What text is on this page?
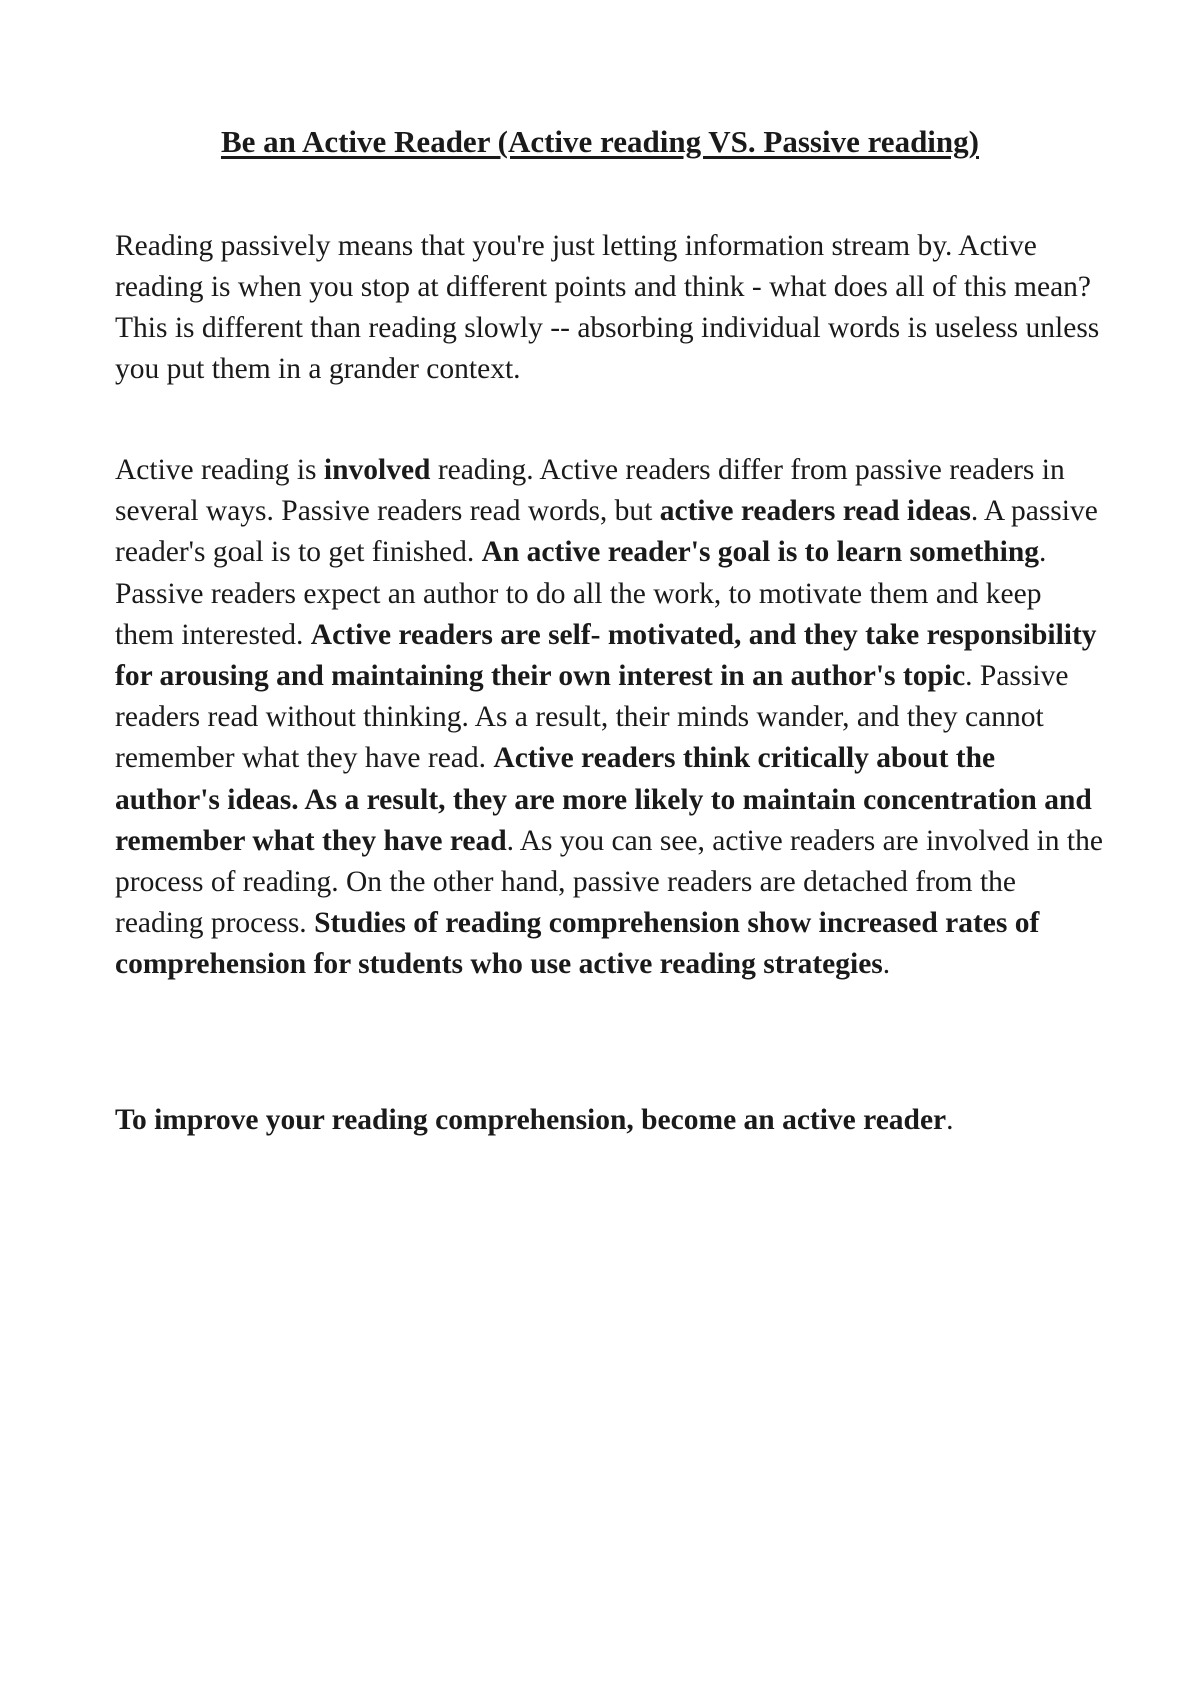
Be an Active Reader (Active reading VS. Passive reading)

Reading passively means that you're just letting information stream by. Active reading is when you stop at different points and think - what does all of this mean? This is different than reading slowly -- absorbing individual words is useless unless you put them in a grander context.

Active reading is involved reading. Active readers differ from passive readers in several ways. Passive readers read words, but active readers read ideas. A passive reader's goal is to get finished. An active reader's goal is to learn something. Passive readers expect an author to do all the work, to motivate them and keep them interested. Active readers are self- motivated, and they take responsibility for arousing and maintaining their own interest in an author's topic. Passive readers read without thinking. As a result, their minds wander, and they cannot remember what they have read. Active readers think critically about the author's ideas. As a result, they are more likely to maintain concentration and remember what they have read. As you can see, active readers are involved in the process of reading. On the other hand, passive readers are detached from the reading process. Studies of reading comprehension show increased rates of comprehension for students who use active reading strategies.

To improve your reading comprehension, become an active reader.
